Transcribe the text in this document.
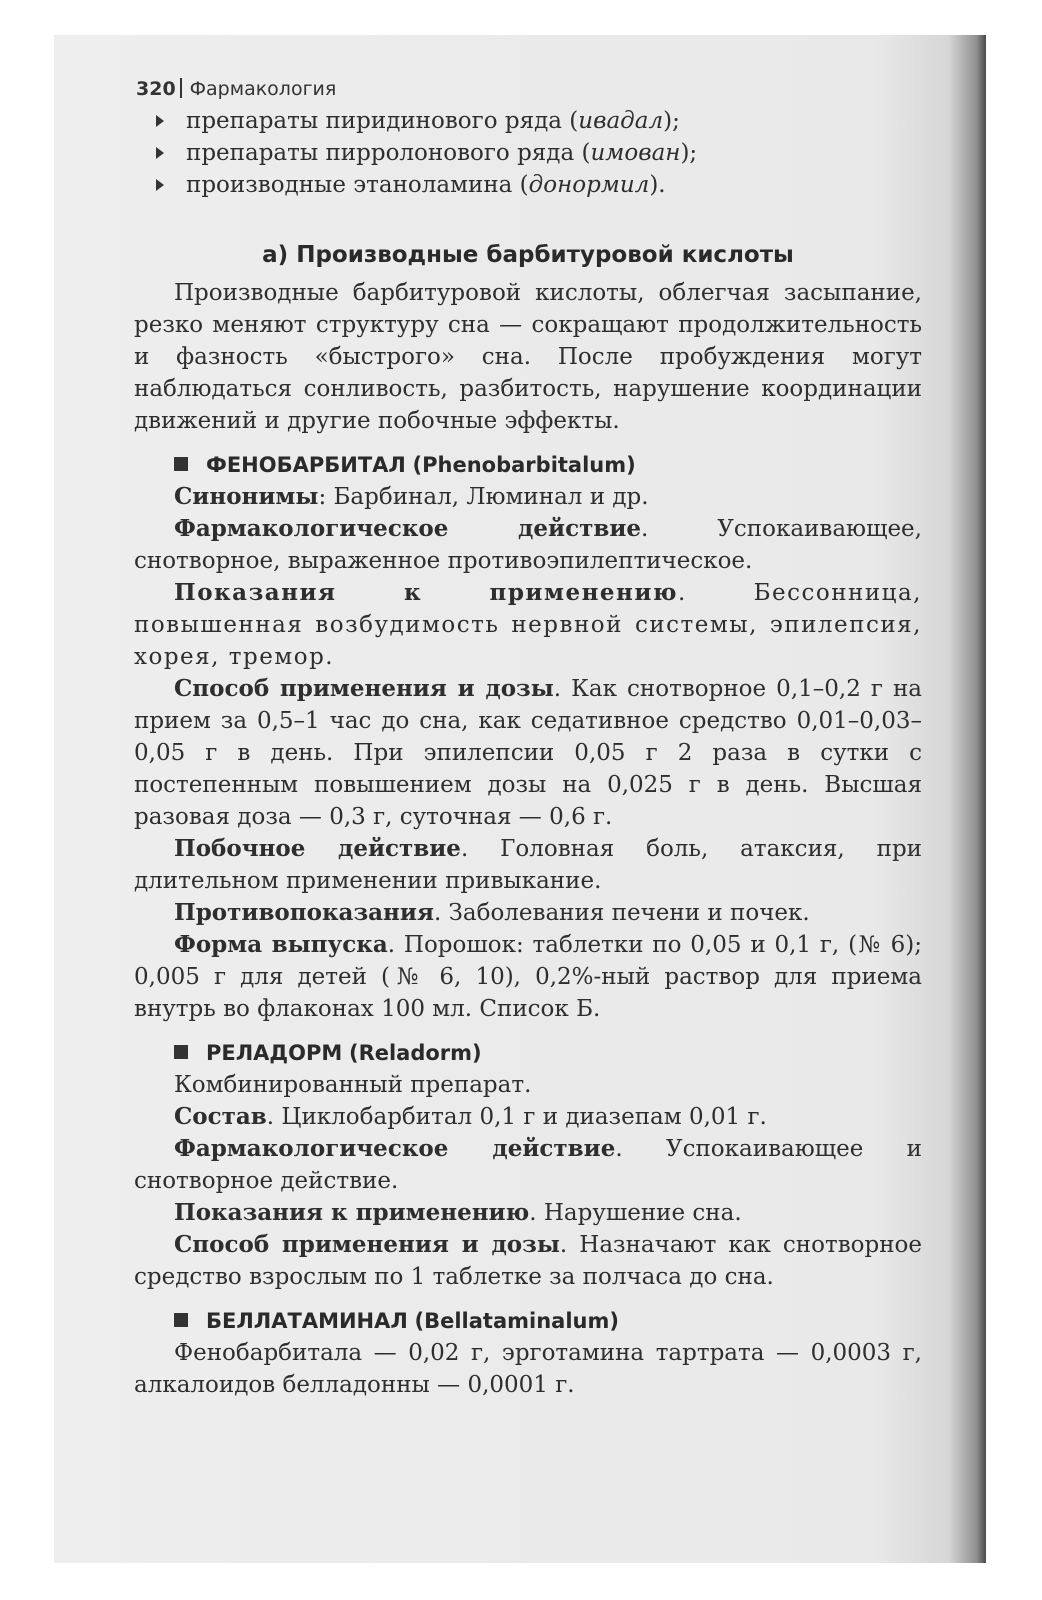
320 Фармакология
препараты пиридинового ряда (ивадал);
препараты пирролонового ряда (имован);
производные этаноламина (донормил).
а) Производные барбитуровой кислоты

Производные барбитуровой кислоты, облегчая засыпание, резко меняют структуру сна — сокращают продолжительность и фазность «быстрого» сна. После пробуждения могут наблюдаться сонливость, разбитость, нарушение координации движений и другие побочные эффекты.

ФЕНОБАРБИТАЛ (Phenobarbitalum)

Синонимы: Барбинал, Люминал и др.

Фармакологическое действие. Успокаивающее, снотворное, выраженное противоэпилептическое.

Показания к применению. Бессонница, повышенная возбудимость нервной системы, эпилепсия, хорея, тремор.

Способ применения и дозы. Как снотворное 0,1–0,2 г на прием за 0,5–1 час до сна, как седативное средство 0,01–0,03–0,05 г в день. При эпилепсии 0,05 г 2 раза в сутки с постепенным повышением дозы на 0,025 г в день. Высшая разовая доза — 0,3 г, суточная — 0,6 г.

Побочное действие. Головная боль, атаксия, при длительном применении привыкание.

Противопоказания. Заболевания печени и почек.

Форма выпуска. Порошок: таблетки по 0,05 и 0,1 г, (№ 6); 0,005 г для детей (№ 6, 10), 0,2%-ный раствор для приема внутрь во флаконах 100 мл. Список Б.

РЕЛАДОРМ (Reladorm)

Комбинированный препарат.

Состав. Циклобарбитал 0,1 г и диазепам 0,01 г.

Фармакологическое действие. Успокаивающее и снотворное действие.

Показания к применению. Нарушение сна.

Способ применения и дозы. Назначают как снотворное средство взрослым по 1 таблетке за полчаса до сна.

БЕЛЛАТАМИНАЛ (Bellataminalum)

Фенобарбитала — 0,02 г, эрготамина тартрата — 0,0003 г, алкалоидов белладонны — 0,0001 г.
